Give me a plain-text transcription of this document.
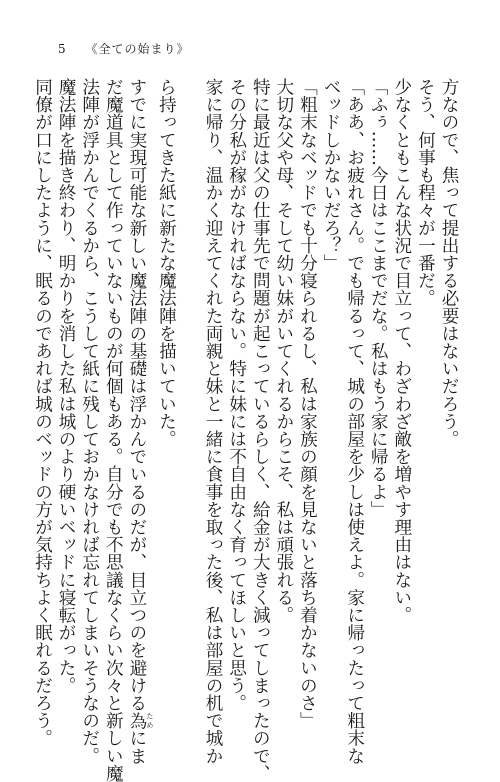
5 《全ての始まり》
方なので、焦って提出する必要はないだろう。
そう、何事も程々が一番だ。
少なくともこんな状況で目立って、わざわざ敵を増やす理由はない。
「ふぅ……今日はここまでだな。私はもう家に帰るよ」
「ああ、お疲れさん。でも帰るって、城の部屋を少しは使えよ。家に帰ったって粗末な
ベッドしかないだろ？」
「粗末なベッドでも十分寝られるし、私は家族の顔を見ないと落ち着かないのさ」
大切な父や母、そして幼い妹がいてくれるからこそ、私は頑張れる。
特に最近は父の仕事先で問題が起こっているらしく、給金が大きく減ってしまったので、
その分私が稼がなければならない。特に妹には不自由なく育ってほしいと思う。
家に帰り、温かく迎えてくれた両親と妹と一緒に食事を取った後、私は部屋の机で城か
ら持ってきた紙に新たな魔法陣を描いていた。
すでに実現可能な新しい魔法陣の基礎は浮かんでいるのだが、目立つのを避ける為 ためにま
だ魔道具として作っていないものが何個もある。自分でも不思議なくらい次々と新しい魔
法陣が浮かんでくるから、こうして紙に残しておかなければ忘れてしまいそうなのだ。
魔法陣を描き終わり、明かりを消した私は城のより硬いベッドに寝転がった。
同僚が口にしたように、眠るのであれば城のベッドの方が気持ちよく眠れるだろう。
